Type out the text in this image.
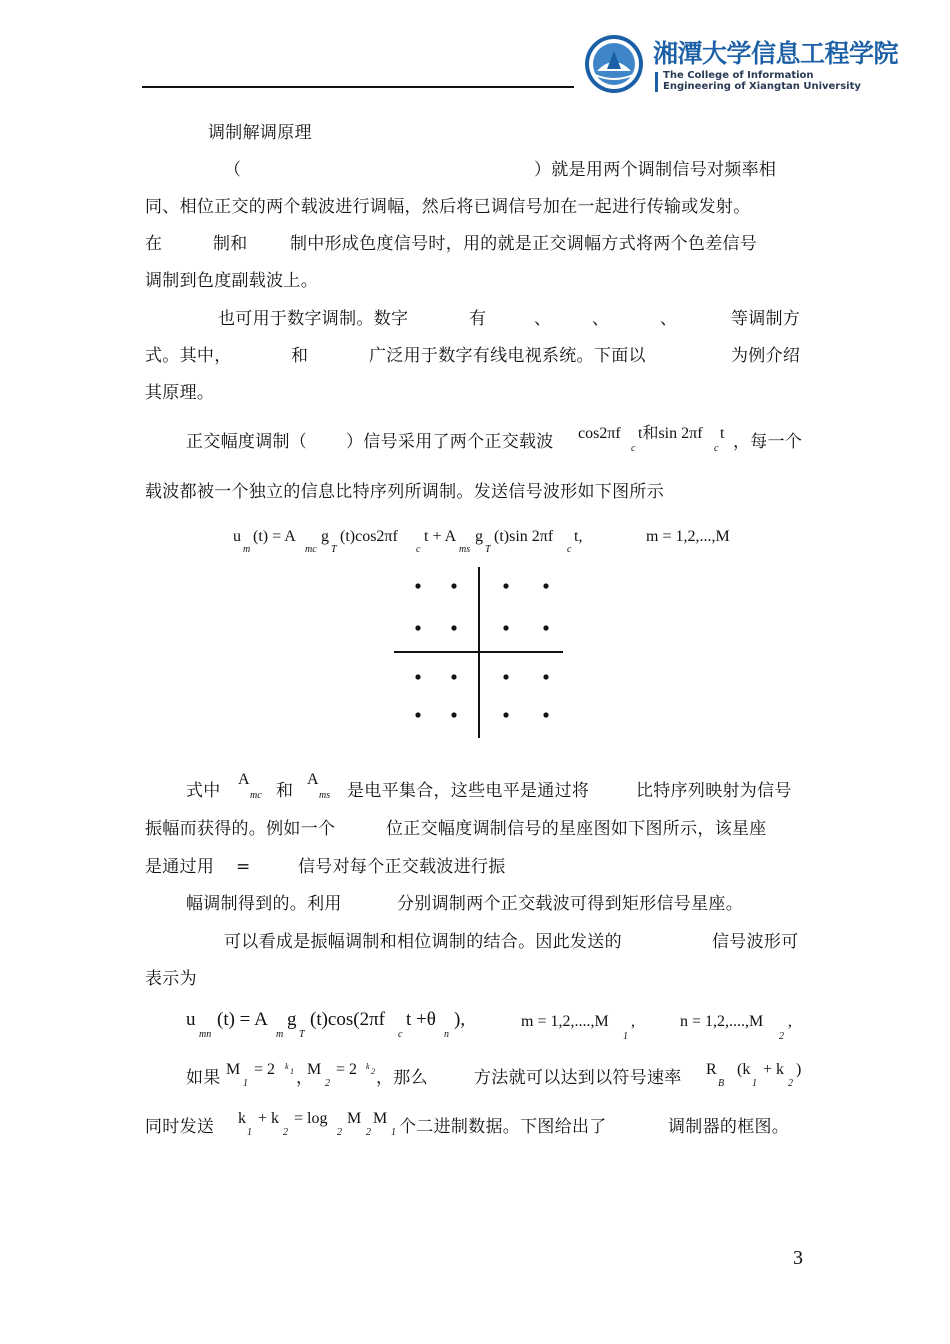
湘潭大学信息工程学院
The College of Information
Engineering of Xiangtan University
调制解调原理
（	）就是用两个调制信号对频率相
同、相位正交的两个载波进行调幅，然后将已调信号加在一起进行传输或发射。
在	制和 制中形成色度信号时，用的就是正交调幅方式将两个色差信号
调制到色度副载波上。
也可用于数字调制。数字	有	、 、	、	等调制方
式。其中，	和	广泛用于数字有线电视系统。下面以	为例介绍
其原理。
正交幅度调制（ ）信号采用了两个正交载波 cos2πf
c
t和sin 2πf
c
t ，每一个
载波都被一个独立的信息比特序列所调制。发送信号波形如下图所示
u
m
(t) = A
mc
g
T
(t)cos2πf
c
t + A
ms
g
T
(t)sin 2πf
c
t,	m = 1,2,...,M
式中
A
mc 和
A
ms 是电平集合，这些电平是通过将	比特序列映射为信号
振幅而获得的。例如一个	位正交幅度调制信号的星座图如下图所示，该星座
是通过用 =	信号对每个正交载波进行振
幅调制得到的。利用	分别调制两个正交载波可得到矩形信号星座。
可以看成是振幅调制和相位调制的结合。因此发送的	信号波形可
表示为
u
mn
(t) = A
m
g
T
(t)cos(2πf
c
t +θ
n
),	m = 1,2,....,M
1
,	n = 1,2,....,M
2
,
如果 M
1
= 2 k
1 ，
M
2
= 2 k
2 ，那么	方法就可以达到以符号速率 R
B
(k
1
+ k
2
)
同时发送 k
1
+ k
2
= log
2
M
2
M
1 个二进制数据。下图给出了	调制器的框图。
3
